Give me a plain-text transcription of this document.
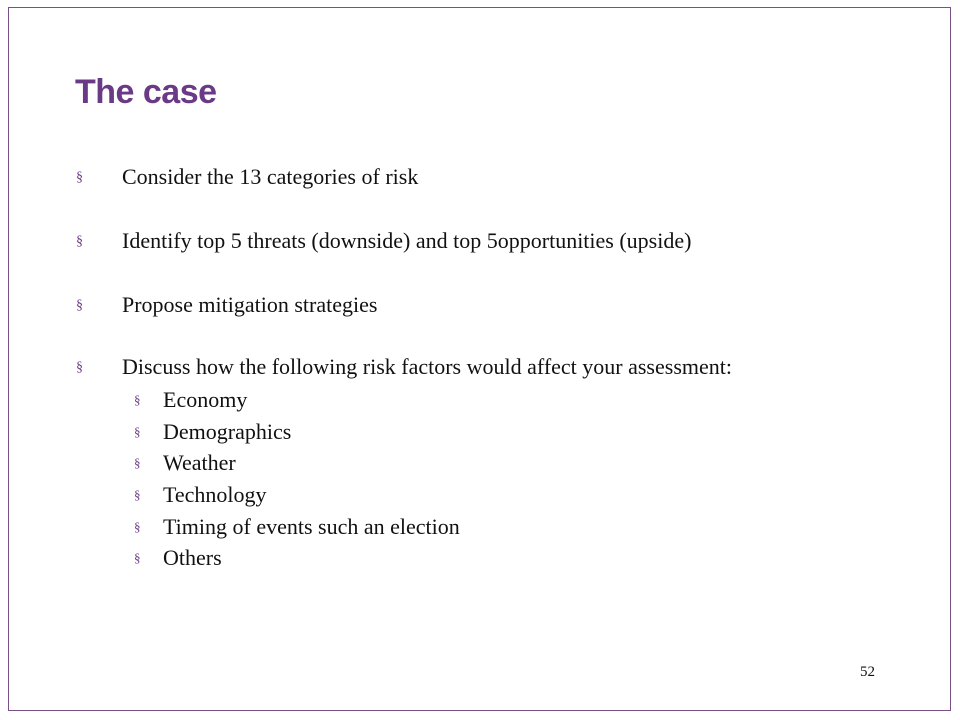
The case
§	Consider the 13 categories of risk
§	Identify top 5 threats (downside) and top 5opportunities (upside)
§	Propose mitigation strategies
§	Discuss how the following risk factors would affect your assessment:
§	Economy
§	Demographics
§	Weather
§	Technology
§	Timing of events such an election
§	Others
52
